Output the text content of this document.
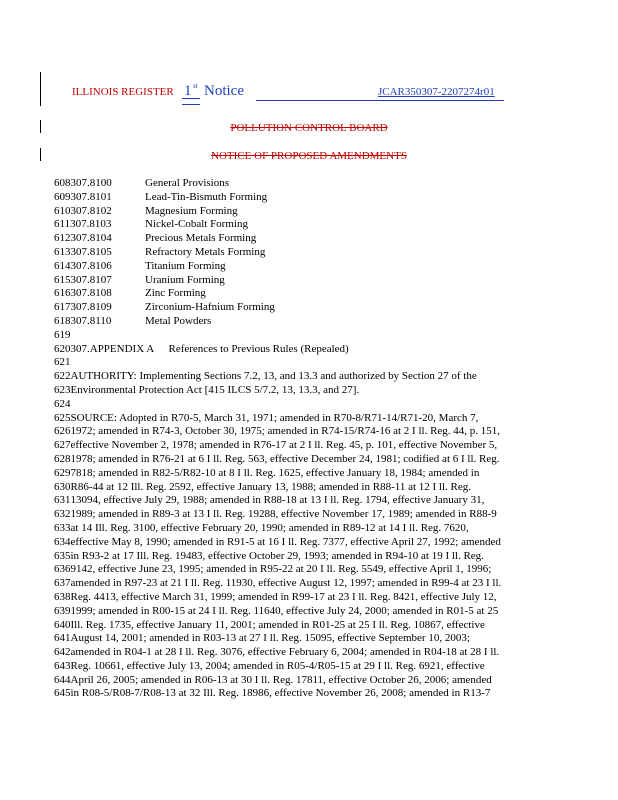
ILLINOIS REGISTER 1 st Notice	JCAR350307-2207274r01
POLLUTION CONTROL BOARD
NOTICE OF PROPOSED AMENDMENTS
608307.8100	General Provisions
609307.8101	Lead-Tin-Bismuth Forming
610307.8102	Magnesium Forming
611307.8103	Nickel-Cobalt Forming
612307.8104	Precious Metals Forming
613307.8105	Refractory Metals Forming
614307.8106	Titanium Forming
615307.8107	Uranium Forming
616307.8108	Zinc Forming
617307.8109	Zirconium-Hafnium Forming
618307.8110	Metal Powders
619
620307.APPENDIX A References to Previous Rules (Repealed)
621
622AUTHORITY: Implementing Sections 7.2, 13, and 13.3 and authorized by Section 27 of the
623Environmental Protection Act [415 ILCS 5/7.2, 13, 13.3, and 27].
624
625SOURCE: Adopted in R70-5, March 31, 1971; amended in R70-8/R71-14/R71-20, March 7,
6261972; amended in R74-3, October 30, 1975; amended in R74-15/R74-16 at 2 I ll. Reg. 44, p. 151,
627effective November 2, 1978; amended in R76-17 at 2 I ll. Reg. 45, p. 101, effective November 5,
6281978; amended in R76-21 at 6 I ll. Reg. 563, effective December 24, 1981; codified at 6 I ll. Reg.
6297818; amended in R82-5/R82-10 at 8 I ll. Reg. 1625, effective January 18, 1984; amended in
630R86-44 at 12 Ill. Reg. 2592, effective January 13, 1988; amended in R88-11 at 12 I ll. Reg.
63113094, effective July 29, 1988; amended in R88-18 at 13 I ll. Reg. 1794, effective January 31,
6321989; amended in R89-3 at 13 I ll. Reg. 19288, effective November 17, 1989; amended in R88-9
633at 14 Ill. Reg. 3100, effective February 20, 1990; amended in R89-12 at 14 I ll. Reg. 7620,
634effective May 8, 1990; amended in R91-5 at 16 I ll. Reg. 7377, effective April 27, 1992; amended
635in R93-2 at 17 Ill. Reg. 19483, effective October 29, 1993; amended in R94-10 at 19 I ll. Reg.
6369142, effective June 23, 1995; amended in R95-22 at 20 I ll. Reg. 5549, effective April 1, 1996;
637amended in R97-23 at 21 I ll. Reg. 11930, effective August 12, 1997; amended in R99-4 at 23 I ll.
638Reg. 4413, effective March 31, 1999; amended in R99-17 at 23 I ll. Reg. 8421, effective July 12,
6391999; amended in R00-15 at 24 I ll. Reg. 11640, effective July 24, 2000; amended in R01-5 at 25
640Ill. Reg. 1735, effective January 11, 2001; amended in R01-25 at 25 I ll. Reg. 10867, effective
641August 14, 2001; amended in R03-13 at 27 I ll. Reg. 15095, effective September 10, 2003;
642amended in R04-1 at 28 I ll. Reg. 3076, effective February 6, 2004; amended in R04-18 at 28 I ll.
643Reg. 10661, effective July 13, 2004; amended in R05-4/R05-15 at 29 I ll. Reg. 6921, effective
644April 26, 2005; amended in R06-13 at 30 I ll. Reg. 17811, effective October 26, 2006; amended
645in R08-5/R08-7/R08-13 at 32 Ill. Reg. 18986, effective November 26, 2008; amended in R13-7
